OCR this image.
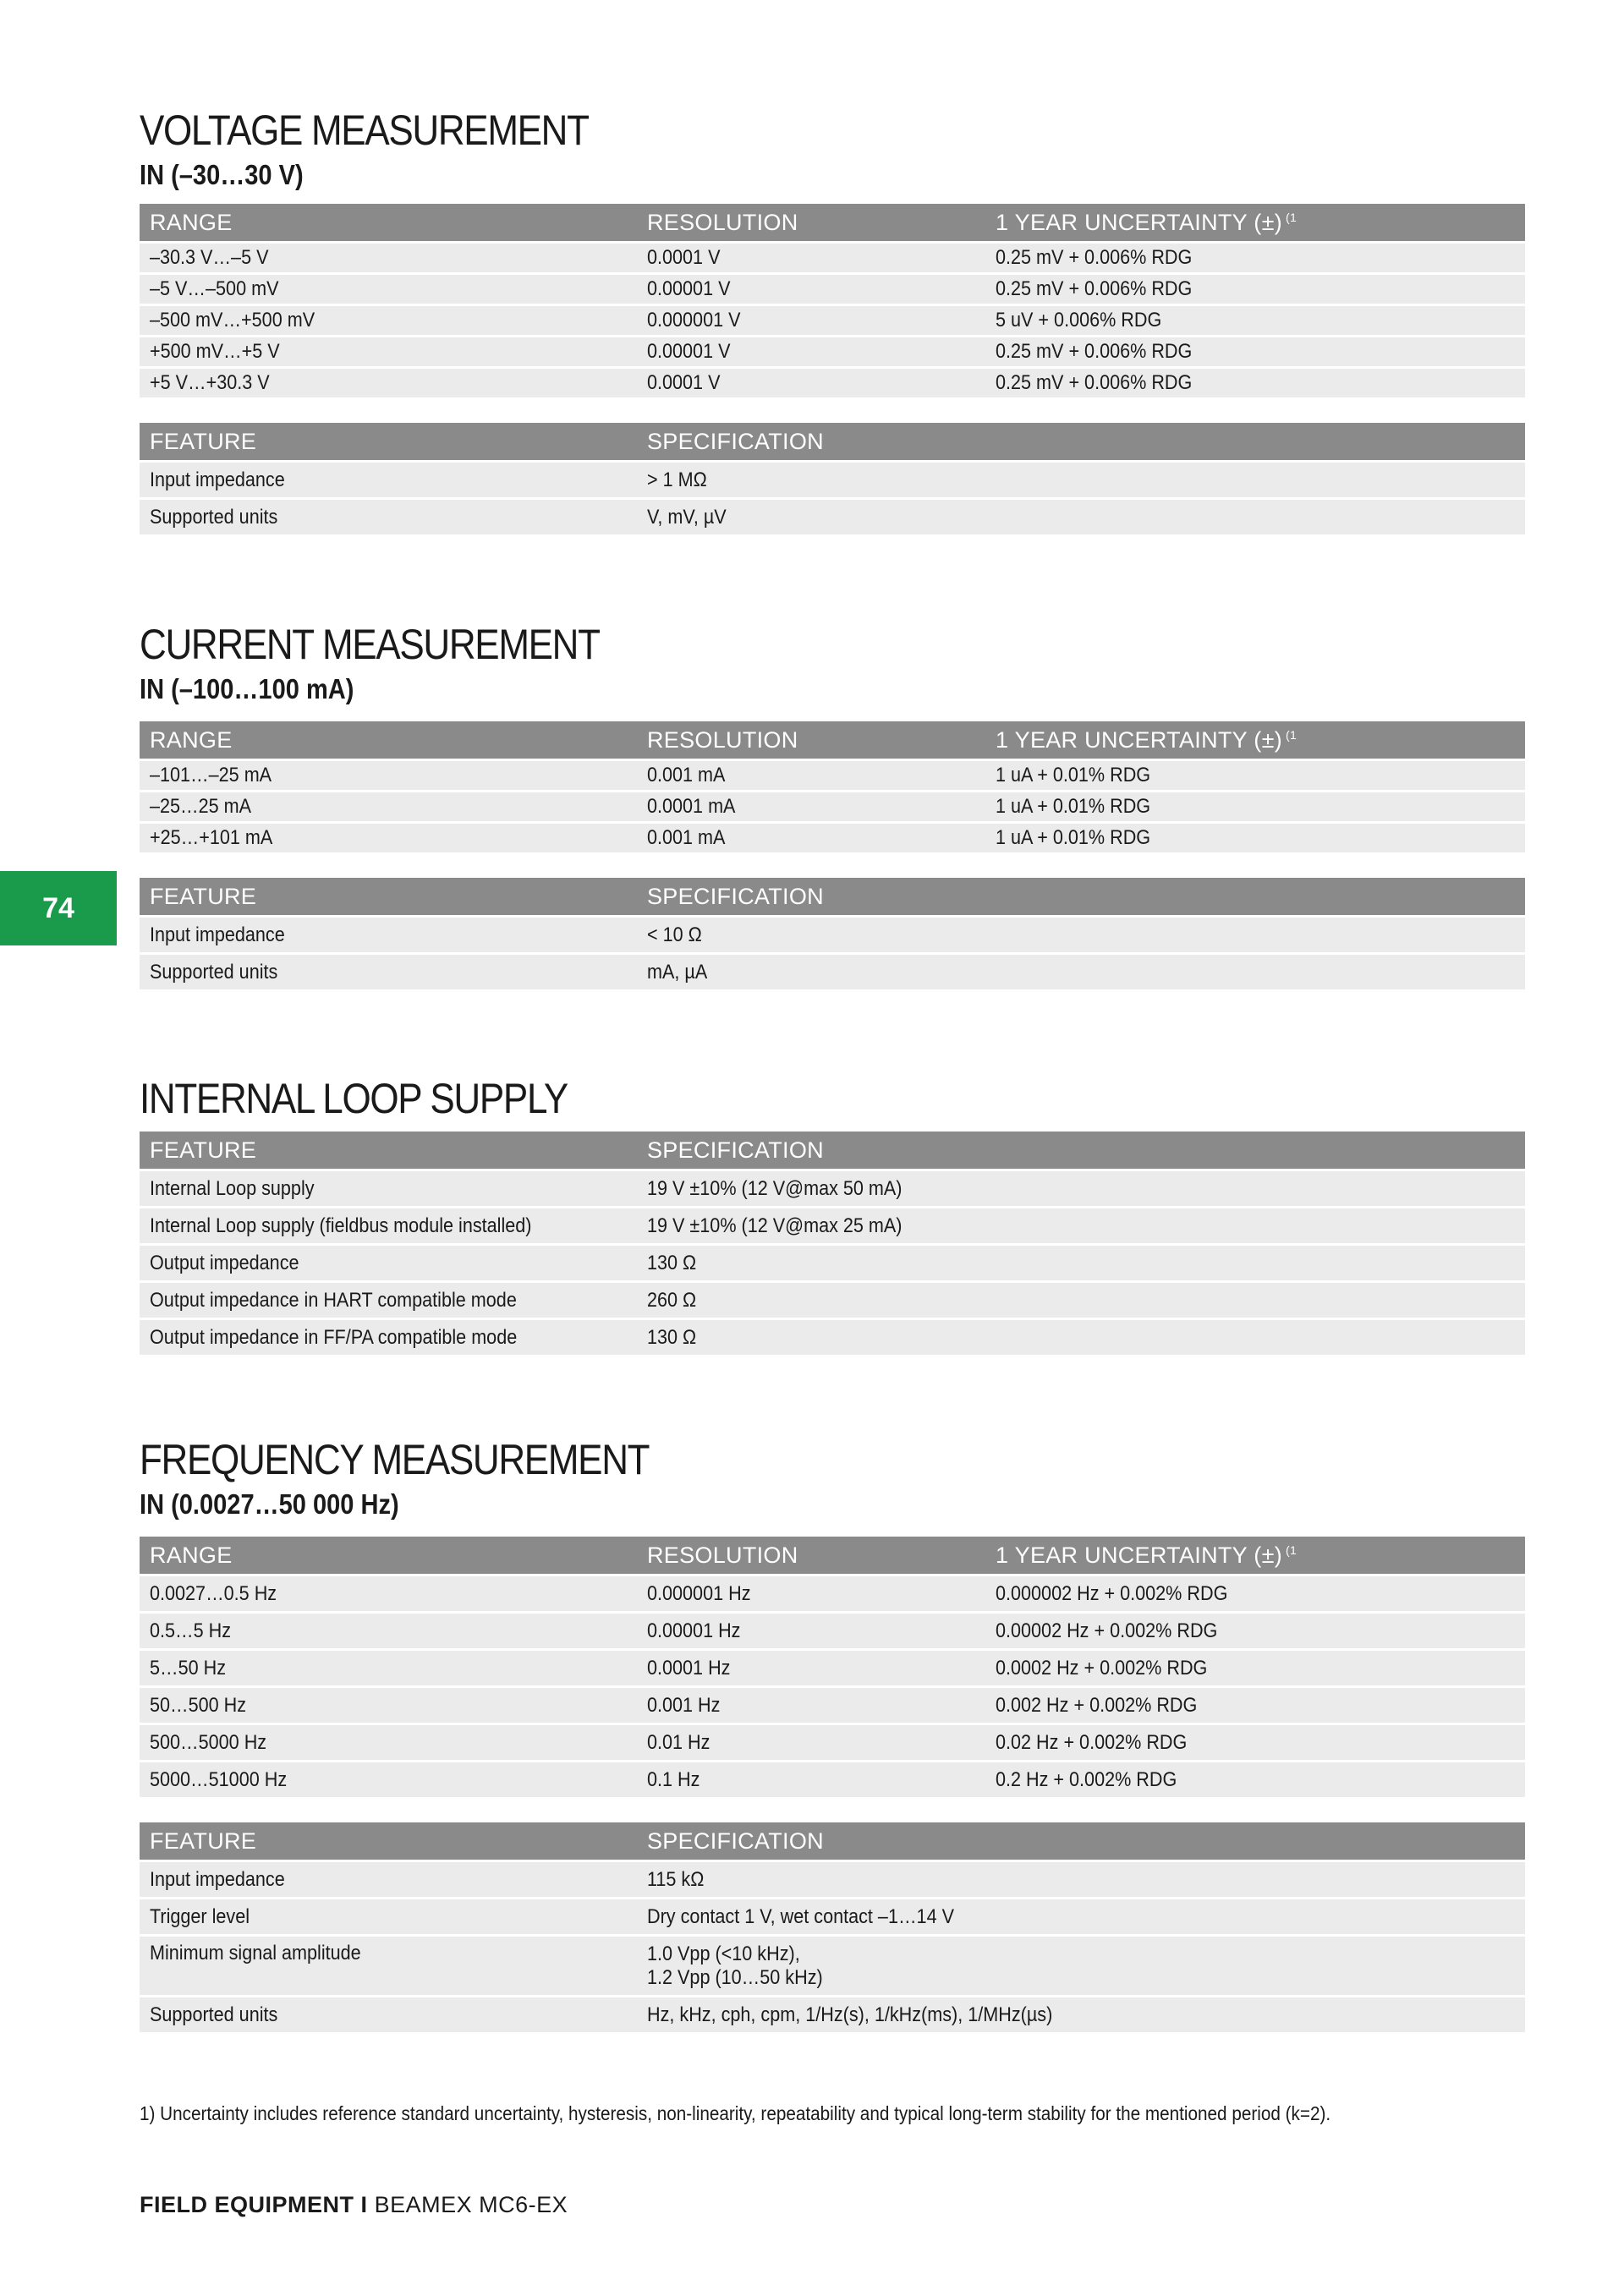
74
VOLTAGE MEASUREMENT
IN (–30…30 V)
RANGE	RESOLUTION	1 YEAR UNCERTAINTY (±) $^{(1}$
–30.3 V…–5 V	0.0001 V	0.25 mV + 0.006% RDG
–5 V…–500 mV	0.00001 V	0.25 mV + 0.006% RDG
–500 mV…+500 mV	0.000001 V	5 uV + 0.006% RDG
+500 mV…+5 V	0.00001 V	0.25 mV + 0.006% RDG
+5 V…+30.3 V	0.0001 V	0.25 mV + 0.006% RDG
FEATURE	SPECIFICATION
Input impedance	> 1 MΩ
Supported units	V, mV, µV
CURRENT MEASUREMENT
IN (–100…100 mA)
RANGE	RESOLUTION	1 YEAR UNCERTAINTY (±) $^{(1}$
–101…–25 mA	0.001 mA	1 uA + 0.01% RDG
–25…25 mA	0.0001 mA	1 uA + 0.01% RDG
+25…+101 mA	0.001 mA	1 uA + 0.01% RDG
FEATURE	SPECIFICATION
Input impedance	< 10 Ω
Supported units	mA, µA
INTERNAL LOOP SUPPLY
FEATURE	SPECIFICATION
Internal Loop supply	19 V ±10% (12 V@max 50 mA)
Internal Loop supply (fieldbus module installed)	19 V ±10% (12 V@max 25 mA)
Output impedance	130 Ω
Output impedance in HART compatible mode	260 Ω
Output impedance in FF/PA compatible mode	130 Ω
FREQUENCY MEASUREMENT
IN (0.0027…50 000 Hz)
RANGE	RESOLUTION	1 YEAR UNCERTAINTY (±) $^{(1}$
0.0027…0.5 Hz	0.000001 Hz	0.000002 Hz + 0.002% RDG
0.5…5 Hz	0.00001 Hz	0.00002 Hz + 0.002% RDG
5…50 Hz	0.0001 Hz	0.0002 Hz + 0.002% RDG
50…500 Hz	0.001 Hz	0.002 Hz + 0.002% RDG
500…5000 Hz	0.01 Hz	0.02 Hz + 0.002% RDG
5000…51000 Hz	0.1 Hz	0.2 Hz + 0.002% RDG
FEATURE	SPECIFICATION
Input impedance	115 kΩ
Trigger level	Dry contact 1 V, wet contact –1…14 V
Minimum signal amplitude	1.0 Vpp (<10 kHz),
1.2 Vpp (10…50 kHz)
Supported units	Hz, kHz, cph, cpm, 1/Hz(s), 1/kHz(ms), 1/MHz(µs)
1) Uncertainty includes reference standard uncertainty, hysteresis, non-linearity, repeatability and typical long-term stability for the mentioned period (k=2).
FIELD EQUIPMENT I BEAMEX MC6-EX
